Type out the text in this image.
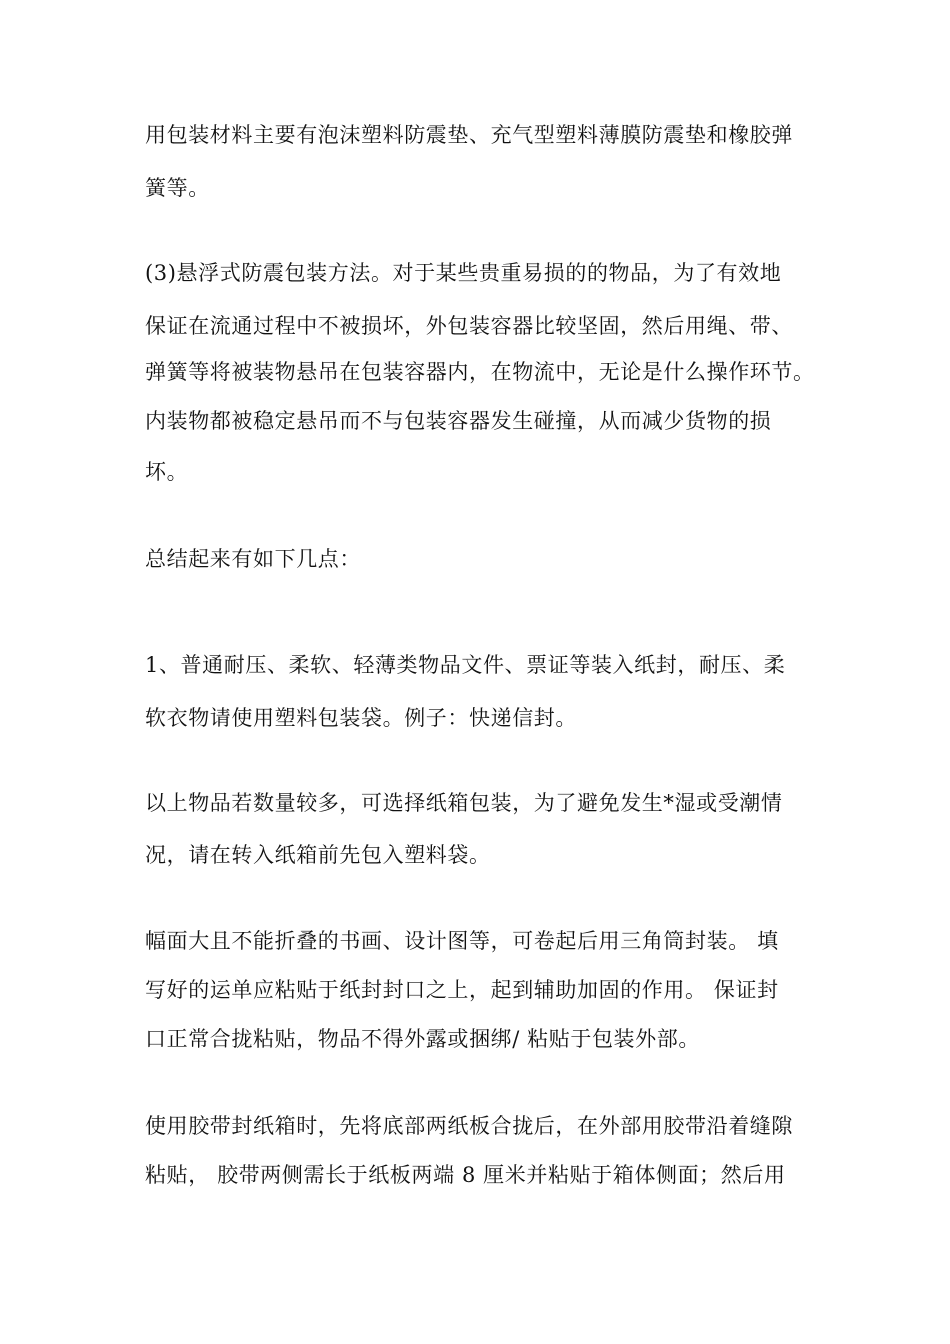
用包装材料主要有泡沫塑料防震垫、充气型塑料薄膜防震垫和橡胶弹
簧等。
(3)悬浮式防震包装方法。对于某些贵重易损的的物品，为了有效地
保证在流通过程中不被损坏，外包装容器比较坚固，然后用绳、带、
弹簧等将被装物悬吊在包装容器内，在物流中，无论是什么操作环节。
内装物都被稳定悬吊而不与包装容器发生碰撞，从而减少货物的损
坏。
总结起来有如下几点：
1、普通耐压、柔软、轻薄类物品文件、票证等装入纸封，耐压、柔
软衣物请使用塑料包装袋。例子：快递信封。
以上物品若数量较多，可选择纸箱包装，为了避免发生*湿或受潮情
况，请在转入纸箱前先包入塑料袋。
幅面大且不能折叠的书画、设计图等，可卷起后用三角筒封装。 填
写好的运单应粘贴于纸封封口之上，起到辅助加固的作用。 保证封
口正常合拢粘贴，物品不得外露或捆绑/ 粘贴于包装外部。
使用胶带封纸箱时，先将底部两纸板合拢后，在外部用胶带沿着缝隙
粘贴， 胶带两侧需长于纸板两端 8 厘米并粘贴于箱体侧面；然后用
